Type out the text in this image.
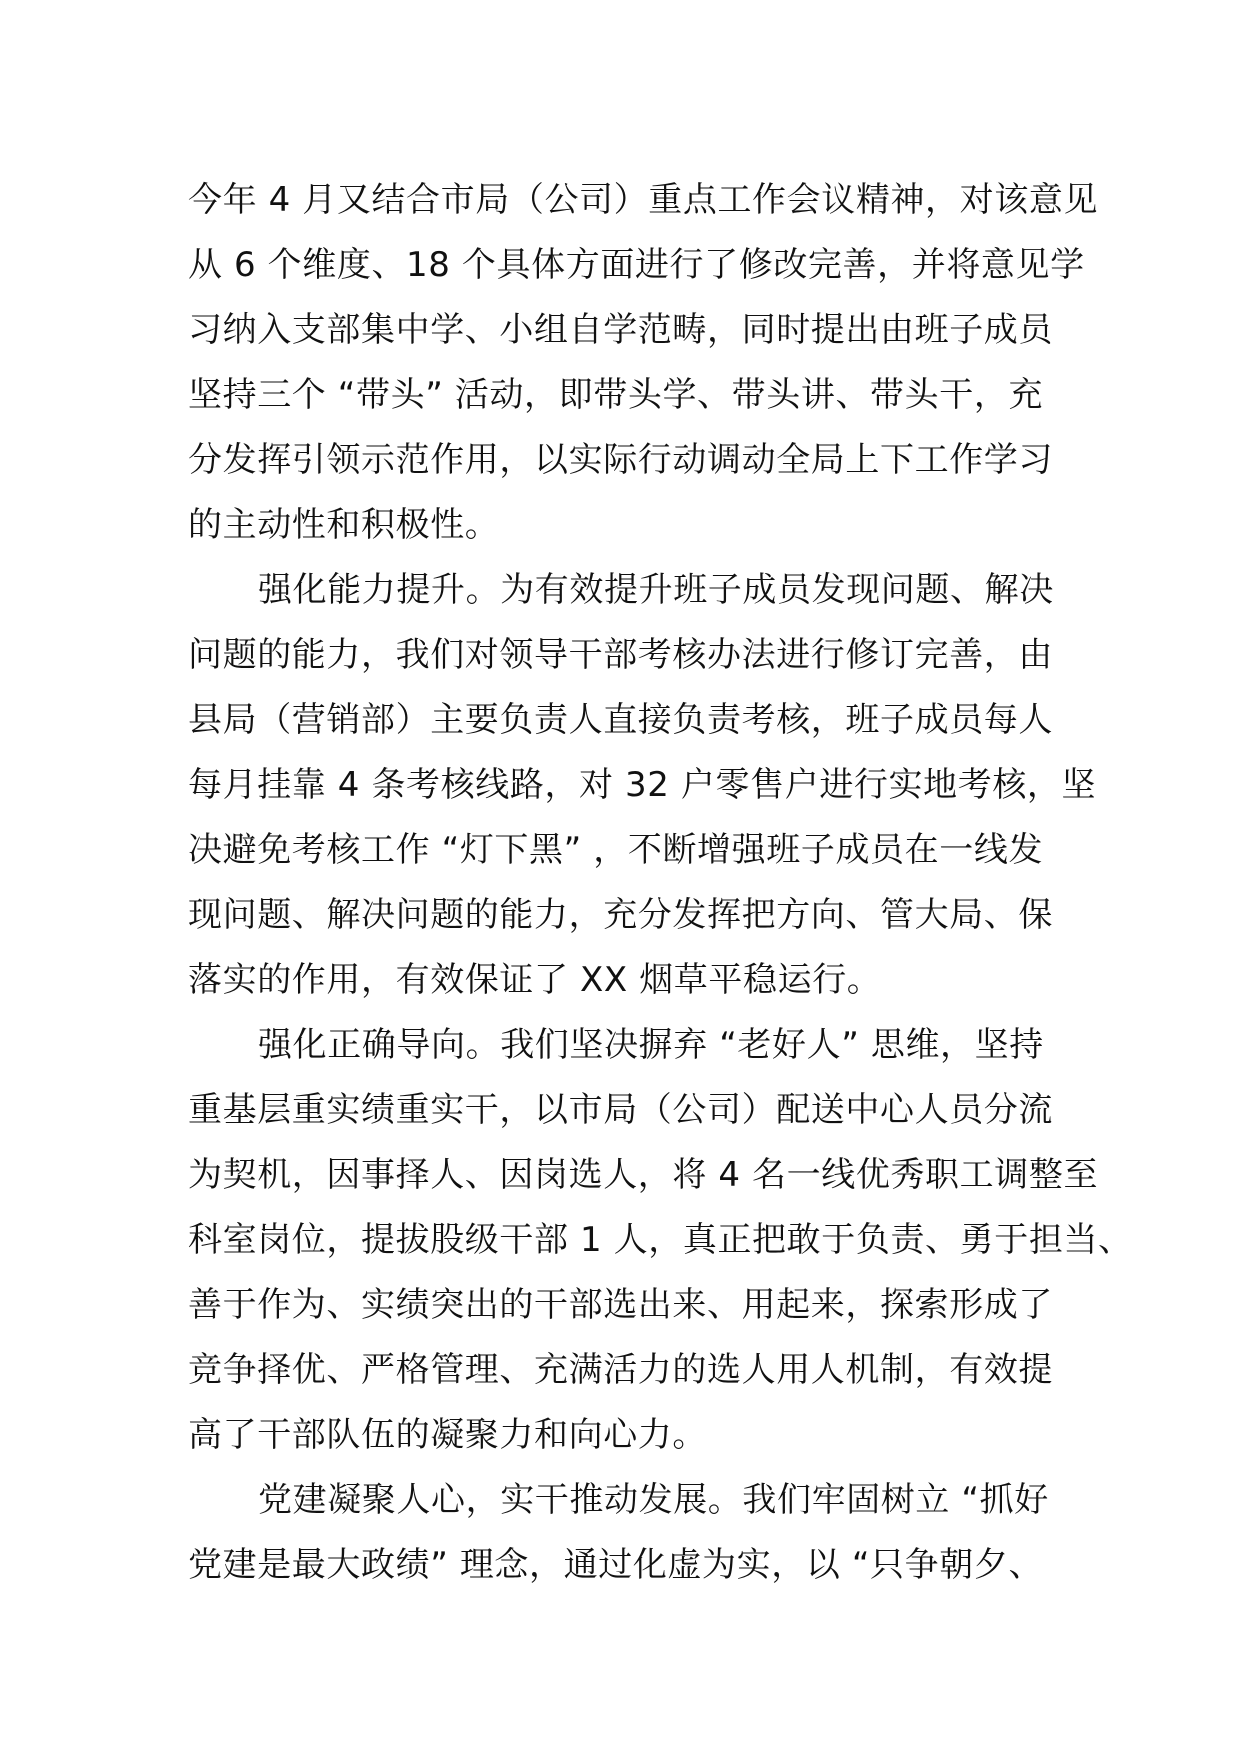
今年 4 月又结合市局（公司）重点工作会议精神，对该意见
从 6 个维度、18 个具体方面进行了修改完善，并将意见学
习纳入支部集中学、小组自学范畴，同时提出由班子成员
坚持三个 “带头” 活动，即带头学、带头讲、带头干，充
分发挥引领示范作用，以实际行动调动全局上下工作学习
的主动性和积极性。
强化能力提升。为有效提升班子成员发现问题、解决
问题的能力，我们对领导干部考核办法进行修订完善，由
县局（营销部）主要负责人直接负责考核，班子成员每人
每月挂靠 4 条考核线路，对 32 户零售户进行实地考核，坚
决避免考核工作 “灯下黑” ，不断增强班子成员在一线发
现问题、解决问题的能力，充分发挥把方向、管大局、保
落实的作用，有效保证了 XX 烟草平稳运行。
强化正确导向。我们坚决摒弃 “老好人” 思维，坚持
重基层重实绩重实干，以市局（公司）配送中心人员分流
为契机，因事择人、因岗选人，将 4 名一线优秀职工调整至
科室岗位，提拔股级干部 1 人，真正把敢于负责、勇于担当、
善于作为、实绩突出的干部选出来、用起来，探索形成了
竞争择优、严格管理、充满活力的选人用人机制，有效提
高了干部队伍的凝聚力和向心力。
党建凝聚人心，实干推动发展。我们牢固树立 “抓好
党建是最大政绩” 理念，通过化虚为实，以 “只争朝夕、
